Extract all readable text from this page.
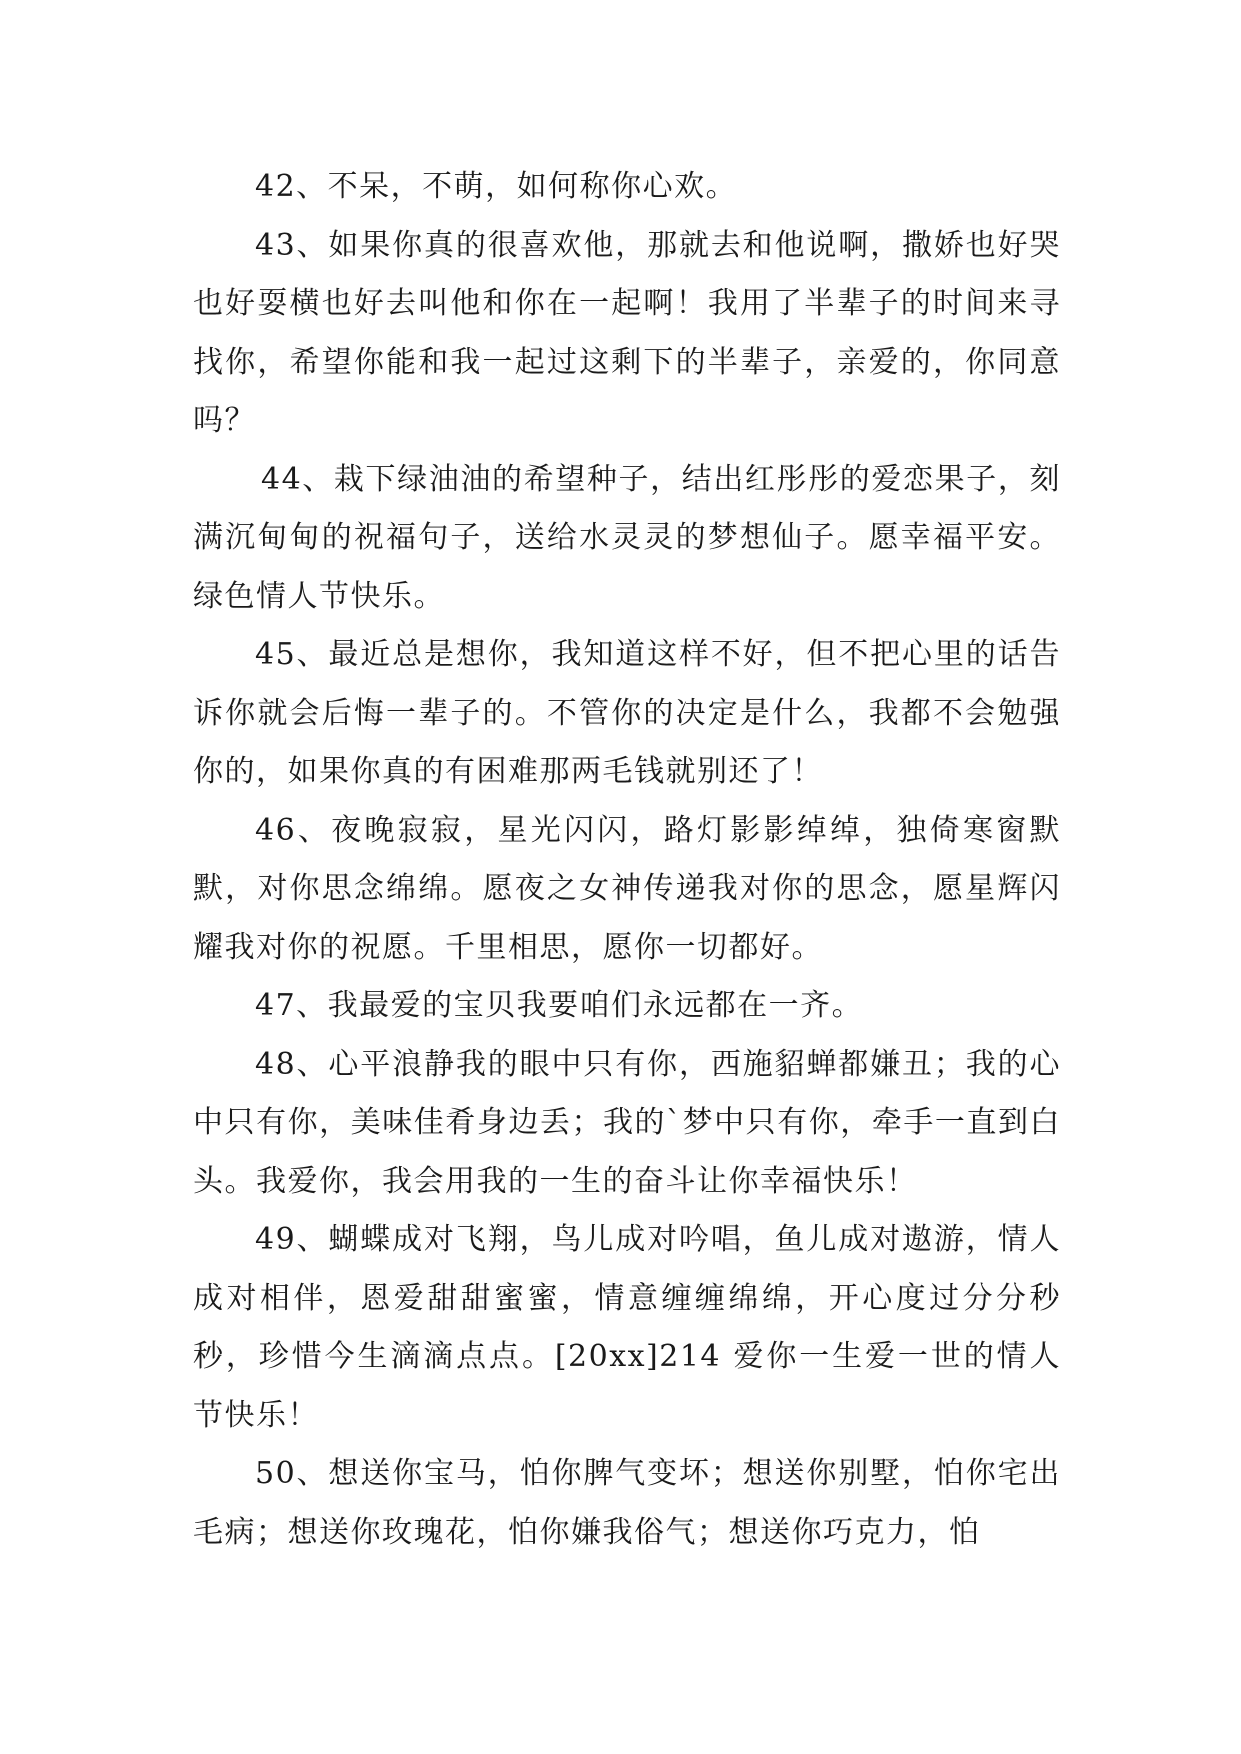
42、不呆，不萌，如何称你心欢。

43、如果你真的很喜欢他，那就去和他说啊，撒娇也好哭也好耍横也好去叫他和你在一起啊！我用了半辈子的时间来寻找你，希望你能和我一起过这剩下的半辈子，亲爱的，你同意吗？

44、栽下绿油油的希望种子，结出红彤彤的爱恋果子，刻满沉甸甸的祝福句子，送给水灵灵的梦想仙子。愿幸福平安。绿色情人节快乐。

45、最近总是想你，我知道这样不好，但不把心里的话告诉你就会后悔一辈子的。不管你的决定是什么，我都不会勉强你的，如果你真的有困难那两毛钱就别还了！

46、夜晚寂寂，星光闪闪，路灯影影绰绰，独倚寒窗默默，对你思念绵绵。愿夜之女神传递我对你的思念，愿星辉闪耀我对你的祝愿。千里相思，愿你一切都好。

47、我最爱的宝贝我要咱们永远都在一齐。

48、心平浪静我的眼中只有你，西施貂蝉都嫌丑；我的心中只有你，美味佳肴身边丢；我的`梦中只有你，牵手一直到白头。我爱你，我会用我的一生的奋斗让你幸福快乐！

49、蝴蝶成对飞翔，鸟儿成对吟唱，鱼儿成对遨游，情人成对相伴，恩爱甜甜蜜蜜，情意缠缠绵绵，开心度过分分秒秒，珍惜今生滴滴点点。[20xx]214 爱你一生爱一世的情人节快乐！

50、想送你宝马，怕你脾气变坏；想送你别墅，怕你宅出毛病；想送你玫瑰花，怕你嫌我俗气；想送你巧克力，怕
